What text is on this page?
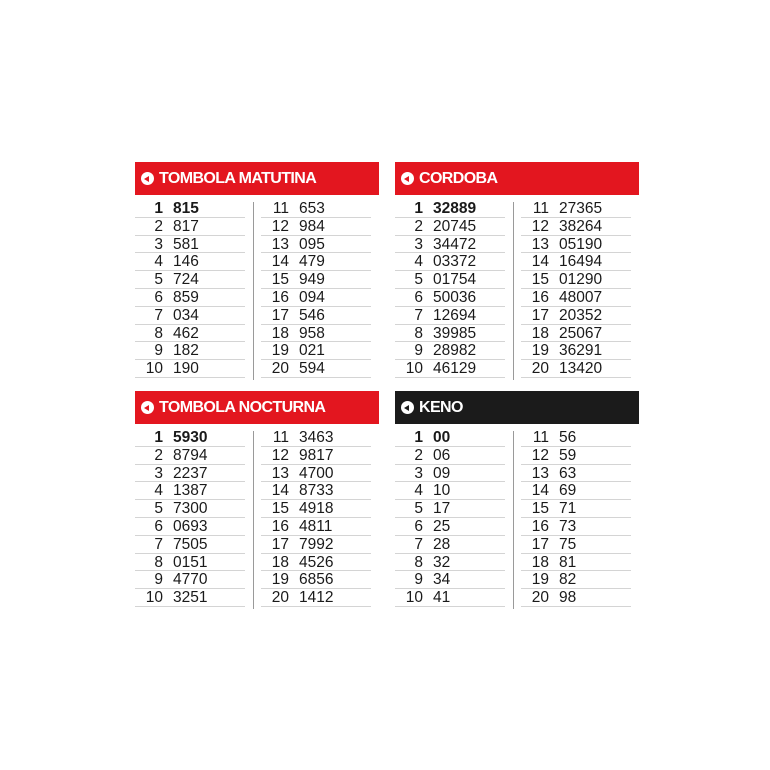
TOMBOLA MATUTINA
1 815
2 817
3 581
4 146
5 724
6 859
7 034
8 462
9 182
10 190
11 653
12 984
13 095
14 479
15 949
16 094
17 546
18 958
19 021
20 594
CORDOBA
1 32889
2 20745
3 34472
4 03372
5 01754
6 50036
7 12694
8 39985
9 28982
10 46129
11 27365
12 38264
13 05190
14 16494
15 01290
16 48007
17 20352
18 25067
19 36291
20 13420
TOMBOLA NOCTURNA
1 5930
2 8794
3 2237
4 1387
5 7300
6 0693
7 7505
8 0151
9 4770
10 3251
11 3463
12 9817
13 4700
14 8733
15 4918
16 4811
17 7992
18 4526
19 6856
20 1412
KENO
1 00
2 06
3 09
4 10
5 17
6 25
7 28
8 32
9 34
10 41
11 56
12 59
13 63
14 69
15 71
16 73
17 75
18 81
19 82
20 98
